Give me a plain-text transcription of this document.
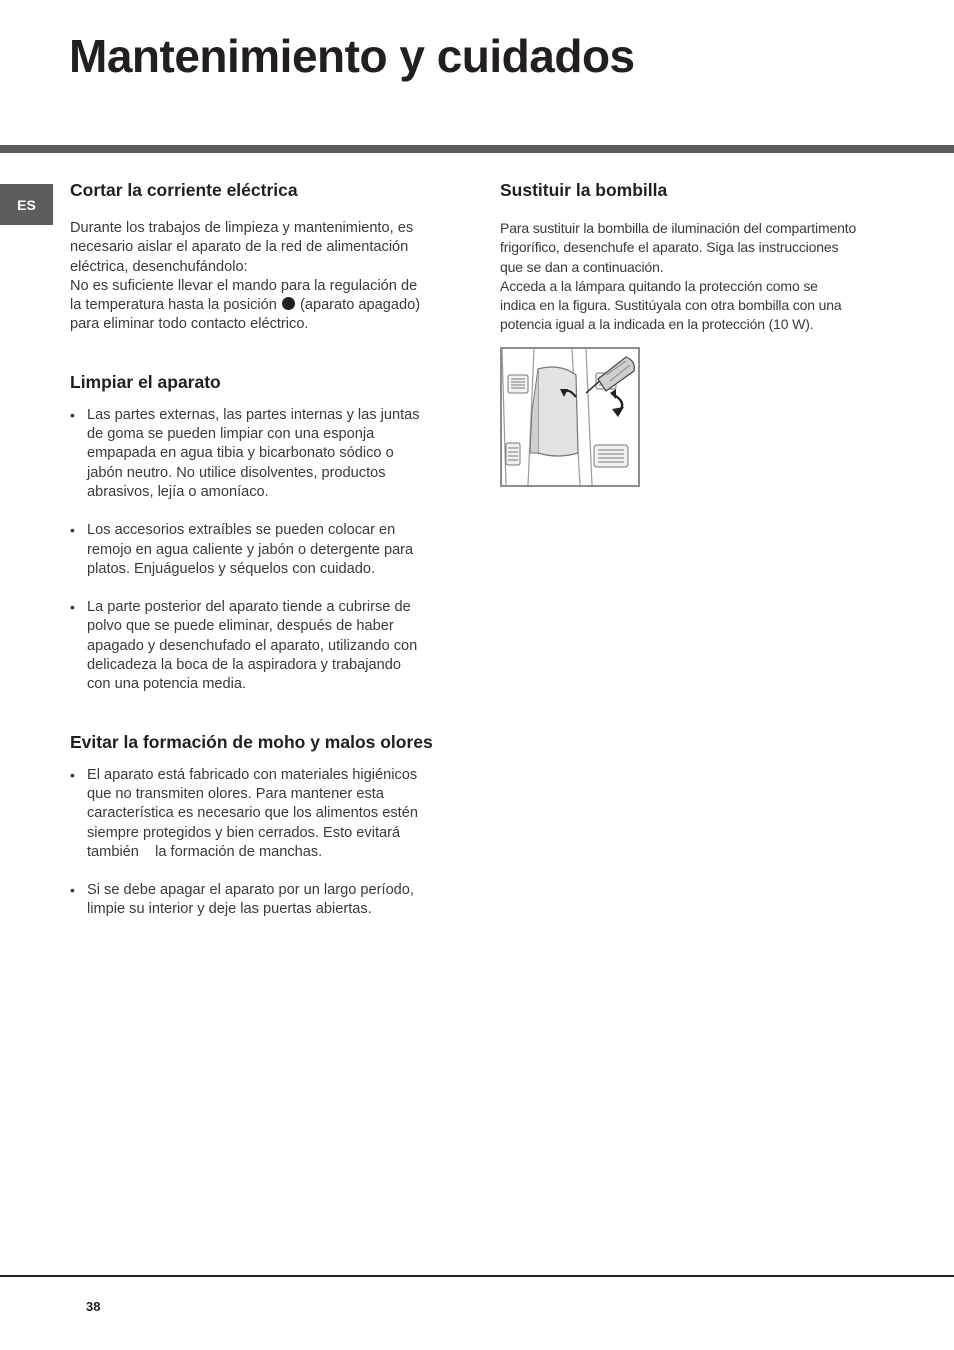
Mantenimiento y cuidados
ES
Cortar la corriente eléctrica

Durante los trabajos de limpieza y mantenimiento, es

necesario aislar el aparato de la red de alimentación

eléctrica, desenchufándolo:

No es suficiente llevar el mando para la regulación de

la temperatura hasta la posición  (aparato apagado)

para eliminar todo contacto eléctrico.

Limpiar el aparato
• Las partes externas, las partes internas y las juntas
de goma se pueden limpiar con una esponja
empapada en agua tibia y bicarbonato sódico o
jabón neutro. No utilice disolventes, productos
abrasivos, lejía o amoníaco.
• Los accesorios extraíbles se pueden colocar en
remojo en agua caliente y jabón o detergente para
platos. Enjuáguelos y séquelos con cuidado.
• La parte posterior del aparato tiende a cubrirse de
polvo que se puede eliminar, después de haber
apagado y desenchufado el aparato, utilizando con
delicadeza la boca de la aspiradora y trabajando
con una potencia media.
Evitar la formación de moho y malos olores
• El aparato está fabricado con materiales higiénicos
que no transmiten olores. Para mantener esta
característica es necesario que los alimentos estén
siempre protegidos y bien cerrados. Esto evitará
también    la formación de manchas.
• Si se debe apagar el aparato por un largo período,
limpie su interior y deje las puertas abiertas.
Sustituir la bombilla

Para sustituir la bombilla de iluminación del compartimento

frigorífico, desenchufe el aparato. Siga las instrucciones

que se dan a continuación.

Acceda a la lámpara quitando la protección como se

indica en la figura. Sustitúyala con otra bombilla con una

potencia igual a la indicada en la protección (10 W).

38
